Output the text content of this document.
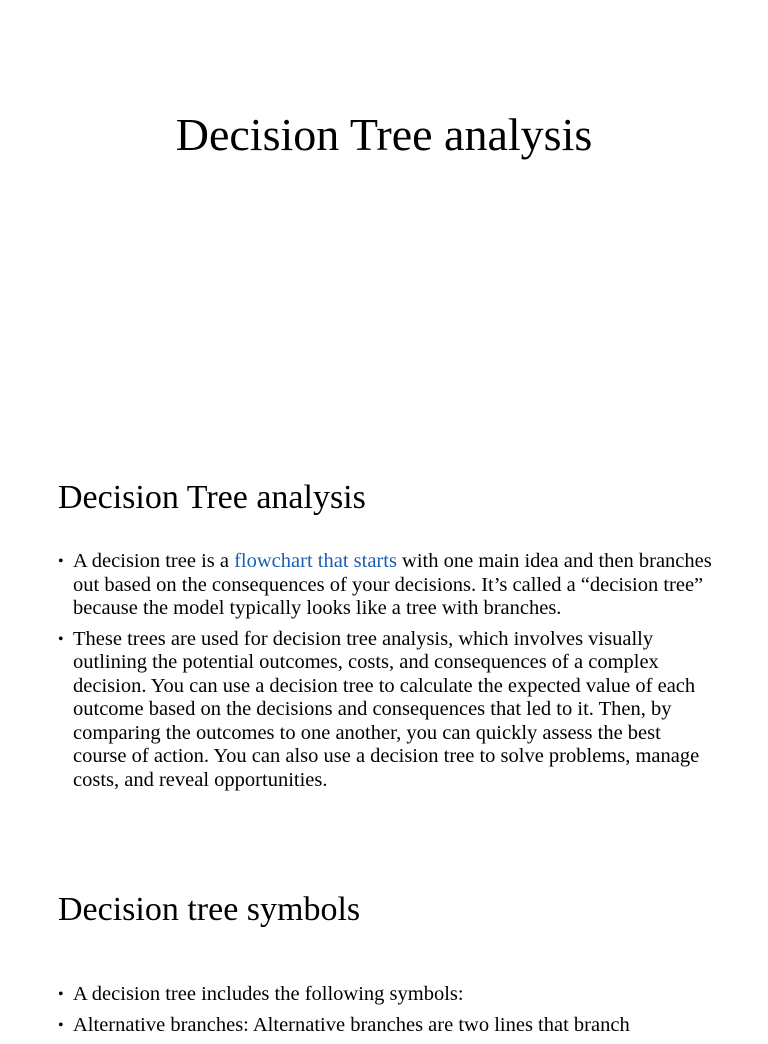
Decision Tree analysis
Decision Tree analysis
• A decision tree is a flowchart that starts with one main idea and then branches out based on the consequences of your decisions. It’s called a “decision tree” because the model typically looks like a tree with branches.
• These trees are used for decision tree analysis, which involves visually outlining the potential outcomes, costs, and consequences of a complex decision. You can use a decision tree to calculate the expected value of each outcome based on the decisions and consequences that led to it. Then, by comparing the outcomes to one another, you can quickly assess the best course of action. You can also use a decision tree to solve problems, manage costs, and reveal opportunities.
Decision tree symbols
• A decision tree includes the following symbols:
• Alternative branches: Alternative branches are two lines that branch
